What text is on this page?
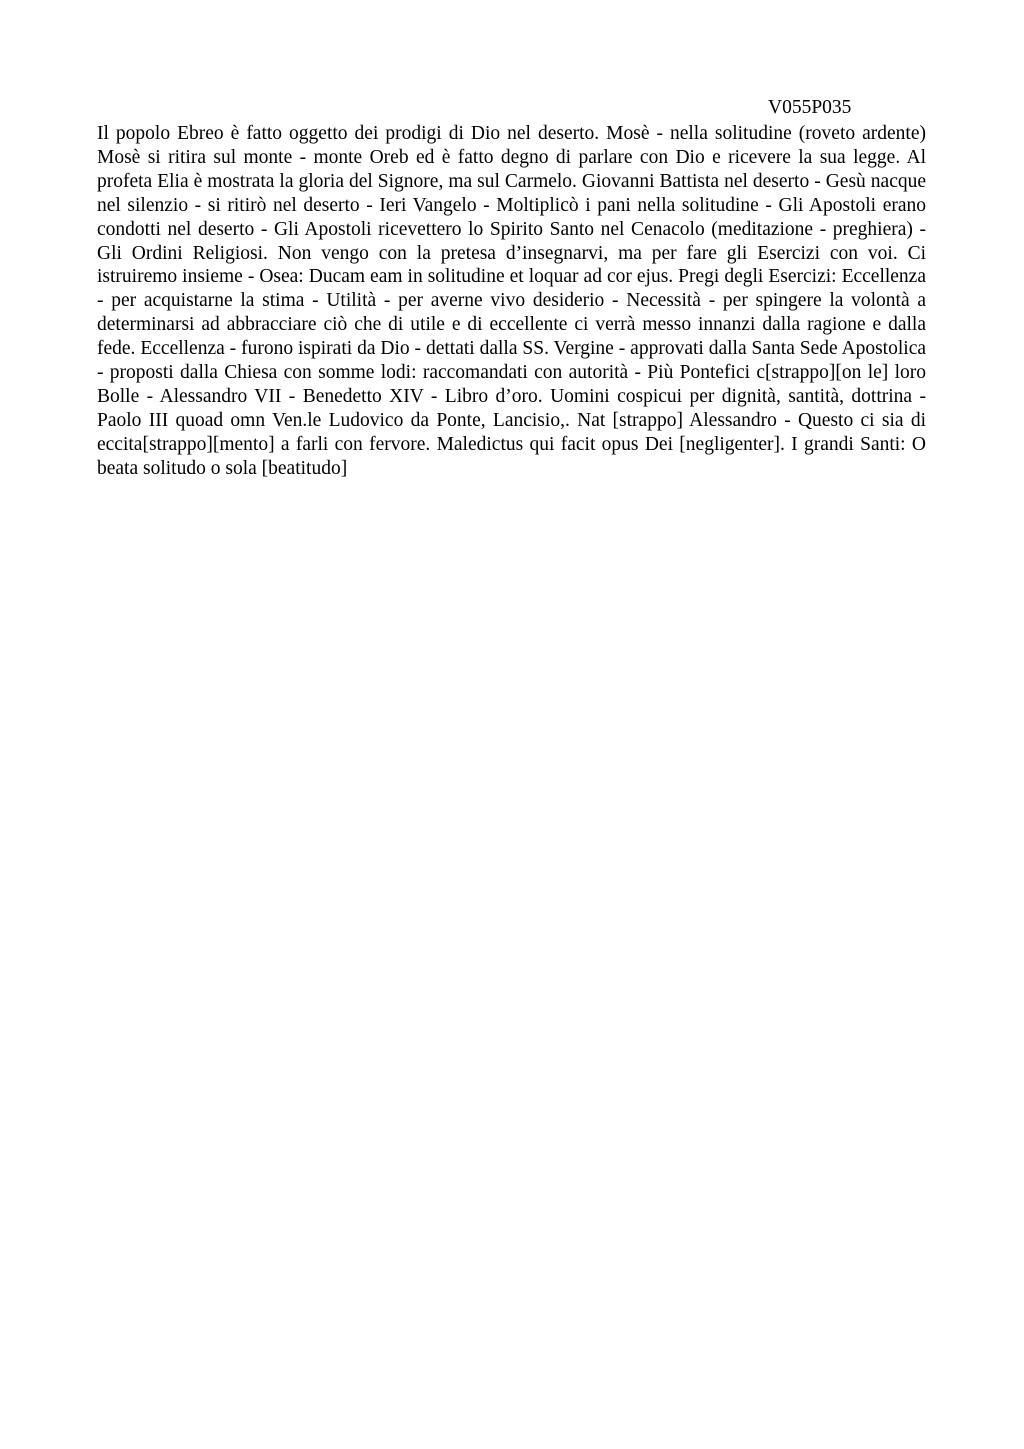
V055P035

Il popolo Ebreo è fatto oggetto dei prodigi di Dio nel deserto. Mosè - nella solitudine (roveto ardente) Mosè si ritira sul monte - monte Oreb ed è fatto degno di parlare con Dio e ricevere la sua legge. Al profeta Elia è mostrata la gloria del Signore, ma sul Carmelo. Giovanni Battista nel deserto - Gesù nacque nel silenzio - si ritirò nel deserto - Ieri Vangelo - Moltiplicò i pani nella solitudine - Gli Apostoli erano condotti nel deserto - Gli Apostoli ricevettero lo Spirito Santo nel Cenacolo (meditazione - preghiera) - Gli Ordini Religiosi. Non vengo con la pretesa d’insegnarvi, ma per fare gli Esercizi con voi. Ci istruiremo insieme - Osea: Ducam eam in solitudine et loquar ad cor ejus. Pregi degli Esercizi: Eccellenza - per acquistarne la stima - Utilità - per averne vivo desiderio - Necessità - per spingere la volontà a determinarsi ad abbracciare ciò che di utile e di eccellente ci verrà messo innanzi dalla ragione e dalla fede. Eccellenza - furono ispirati da Dio - dettati dalla SS. Vergine - approvati dalla Santa Sede Apostolica - proposti dalla Chiesa con somme lodi: raccomandati con autorità - Più Pontefici c[strappo][on le] loro Bolle - Alessandro VII - Benedetto XIV - Libro d’oro. Uomini cospicui per dignità, santità, dottrina - Paolo III quoad omn Ven.le Ludovico da Ponte, Lancisio,. Nat [strappo] Alessandro - Questo ci sia di eccita[strappo][mento] a farli con fervore. Maledictus qui facit opus Dei [negligenter]. I grandi Santi: O beata solitudo o sola [beatitudo]
